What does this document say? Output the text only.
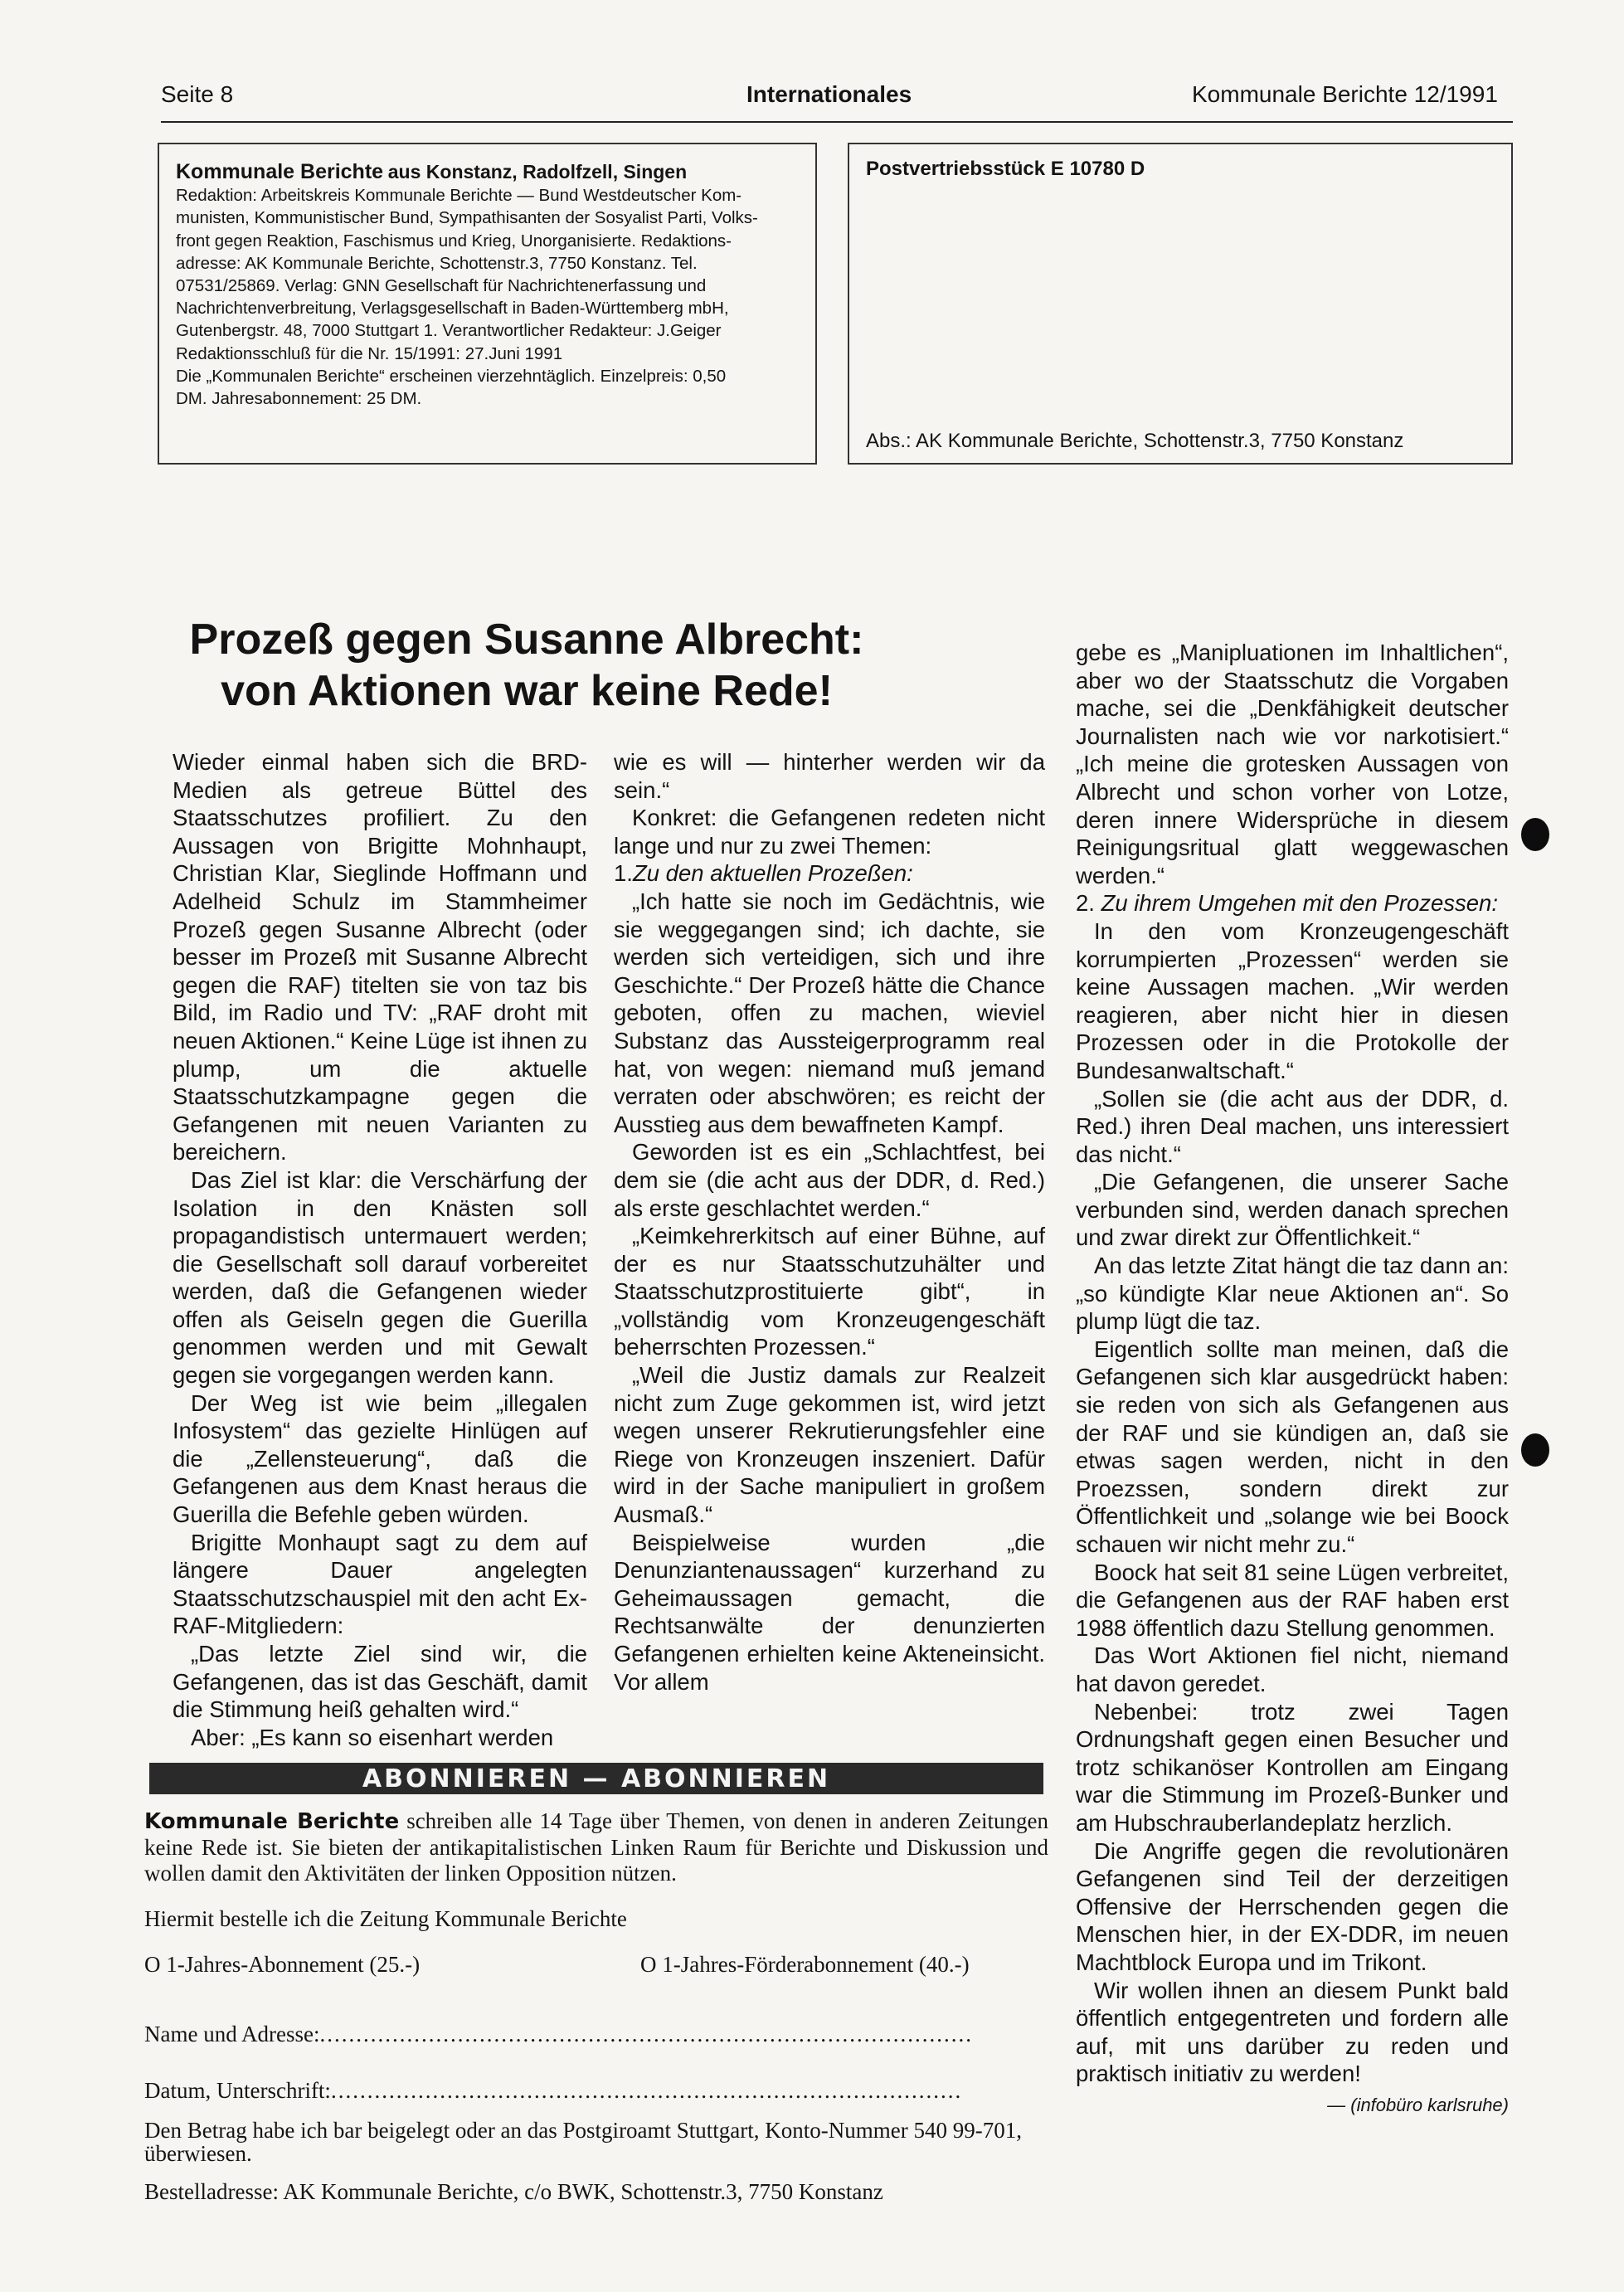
Seite 8	Internationales	Kommunale Berichte 12/1991

Kommunale Berichte aus Konstanz, Radolfzell, Singen

Redaktion: Arbeitskreis Kommunale Berichte — Bund Westdeutscher Kom-

munisten, Kommunistischer Bund, Sympathisanten der Sosyalist Parti, Volks-

front gegen Reaktion, Faschismus und Krieg, Unorganisierte. Redaktions-

adresse: AK Kommunale Berichte, Schottenstr.3, 7750 Konstanz. Tel.

07531/25869. Verlag: GNN Gesellschaft für Nachrichtenerfassung und

Nachrichtenverbreitung, Verlagsgesellschaft in Baden-Württemberg mbH,

Gutenbergstr. 48, 7000 Stuttgart 1. Verantwortlicher Redakteur: J.Geiger

Redaktionsschluß für die Nr. 15/1991: 27.Juni 1991

Die „Kommunalen Berichte“ erscheinen vierzehntäglich. Einzelpreis: 0,50

DM. Jahresabonnement: 25 DM.

Postvertriebsstück E 10780 D
Abs.: AK Kommunale Berichte, Schottenstr.3, 7750 Konstanz
Prozeß gegen Susanne Albrecht:
von Aktionen war keine Rede!

Wieder einmal haben sich die BRD-Medien als getreue Büttel des Staatsschutzes profiliert. Zu den Aussagen von Brigitte Mohnhaupt, Christian Klar, Sieglinde Hoffmann und Adelheid Schulz im Stammheimer Prozeß gegen Susanne Albrecht (oder besser im Prozeß mit Susanne Albrecht gegen die RAF) titelten sie von taz bis Bild, im Radio und TV: „RAF droht mit neuen Aktionen.“ Keine Lüge ist ihnen zu plump, um die aktuelle Staatsschutzkampagne gegen die Gefangenen mit neuen Varianten zu bereichern.

Das Ziel ist klar: die Verschärfung der Isolation in den Knästen soll propagandistisch untermauert werden; die Gesellschaft soll darauf vorbereitet werden, daß die Gefangenen wieder offen als Geiseln gegen die Guerilla genommen werden und mit Gewalt gegen sie vorgegangen werden kann.

Der Weg ist wie beim „illegalen Infosystem“ das gezielte Hinlügen auf die „Zellensteuerung“, daß die Gefangenen aus dem Knast heraus die Guerilla die Befehle geben würden.

Brigitte Monhaupt sagt zu dem auf längere Dauer angelegten Staatsschutzschauspiel mit den acht Ex-RAF-Mitgliedern:

„Das letzte Ziel sind wir, die Gefangenen, das ist das Geschäft, damit die Stimmung heiß gehalten wird.“

Aber: „Es kann so eisenhart werden

wie es will — hinterher werden wir da sein.“

Konkret: die Gefangenen redeten nicht lange und nur zu zwei Themen:

1.Zu den aktuellen Prozeßen:

„Ich hatte sie noch im Gedächtnis, wie sie weggegangen sind; ich dachte, sie werden sich verteidigen, sich und ihre Geschichte.“ Der Prozeß hätte die Chance geboten, offen zu machen, wieviel Substanz das Aussteigerprogramm real hat, von wegen: niemand muß jemand verraten oder abschwören; es reicht der Ausstieg aus dem bewaffneten Kampf.

Geworden ist es ein „Schlachtfest, bei dem sie (die acht aus der DDR, d. Red.) als erste geschlachtet werden.“

„Keimkehrerkitsch auf einer Bühne, auf der es nur Staatsschutzuhälter und Staatsschutzprostituierte gibt“, in „vollständig vom Kronzeugengeschäft beherrschten Prozessen.“

„Weil die Justiz damals zur Realzeit nicht zum Zuge gekommen ist, wird jetzt wegen unserer Rekrutierungsfehler eine Riege von Kronzeugen inszeniert. Dafür wird in der Sache manipuliert in großem Ausmaß.“

Beispielweise wurden „die Denunziantenaussagen“ kurzerhand zu Geheimaussagen gemacht, die Rechtsanwälte der denunzierten Gefangenen erhielten keine Akteneinsicht. Vor allem

gebe es „Manipluationen im Inhaltlichen“, aber wo der Staatsschutz die Vorgaben mache, sei die „Denkfähigkeit deutscher Journalisten nach wie vor narkotisiert.“ „Ich meine die grotesken Aussagen von Albrecht und schon vorher von Lotze, deren innere Widersprüche in diesem Reinigungsritual glatt weggewaschen werden.“

2. Zu ihrem Umgehen mit den Prozessen:

In den vom Kronzeugengeschäft korrumpierten „Prozessen“ werden sie keine Aussagen machen. „Wir werden reagieren, aber nicht hier in diesen Prozessen oder in die Protokolle der Bundesanwaltschaft.“

„Sollen sie (die acht aus der DDR, d. Red.) ihren Deal machen, uns interessiert das nicht.“

„Die Gefangenen, die unserer Sache verbunden sind, werden danach sprechen und zwar direkt zur Öffentlichkeit.“

An das letzte Zitat hängt die taz dann an: „so kündigte Klar neue Aktionen an“. So plump lügt die taz.

Eigentlich sollte man meinen, daß die Gefangenen sich klar ausgedrückt haben: sie reden von sich als Gefangenen aus der RAF und sie kündigen an, daß sie etwas sagen werden, nicht in den Proezssen, sondern direkt zur Öffentlichkeit und „solange wie bei Boock schauen wir nicht mehr zu.“

Boock hat seit 81 seine Lügen verbreitet, die Gefangenen aus der RAF haben erst 1988 öffentlich dazu Stellung genommen.

Das Wort Aktionen fiel nicht, niemand hat davon geredet.

Nebenbei: trotz zwei Tagen Ordnungshaft gegen einen Besucher und trotz schikanöser Kontrollen am Eingang war die Stimmung im Prozeß-Bunker und am Hubschrauberlandeplatz herzlich.

Die Angriffe gegen die revolutionären Gefangenen sind Teil der derzeitigen Offensive der Herrschenden gegen die Menschen hier, in der EX-DDR, im neuen Machtblock Europa und im Trikont.

Wir wollen ihnen an diesem Punkt bald öffentlich entgegentreten und fordern alle auf, mit uns darüber zu reden und praktisch initiativ zu werden!

— (infobüro karlsruhe)
ABONNIEREN — ABONNIEREN
Kommunale Berichte schreiben alle 14 Tage über Themen, von denen in anderen Zeitungen keine Rede ist. Sie bieten der antikapitalistischen Linken Raum für Berichte und Diskussion und wollen damit den Aktivitäten der linken Opposition nützen.
Hiermit bestelle ich die Zeitung Kommunale Berichte
O 1-Jahres-Abonnement (25.-)	O 1-Jahres-Förderabonnement (40.-)
Name und Adresse:..........................................................................................
Datum, Unterschrift:.......................................................................................
Den Betrag habe ich bar beigelegt oder an das Postgiroamt Stuttgart, Konto-Nummer 540 99-701, überwiesen.
Bestelladresse: AK Kommunale Berichte, c/o BWK, Schottenstr.3, 7750 Konstanz
